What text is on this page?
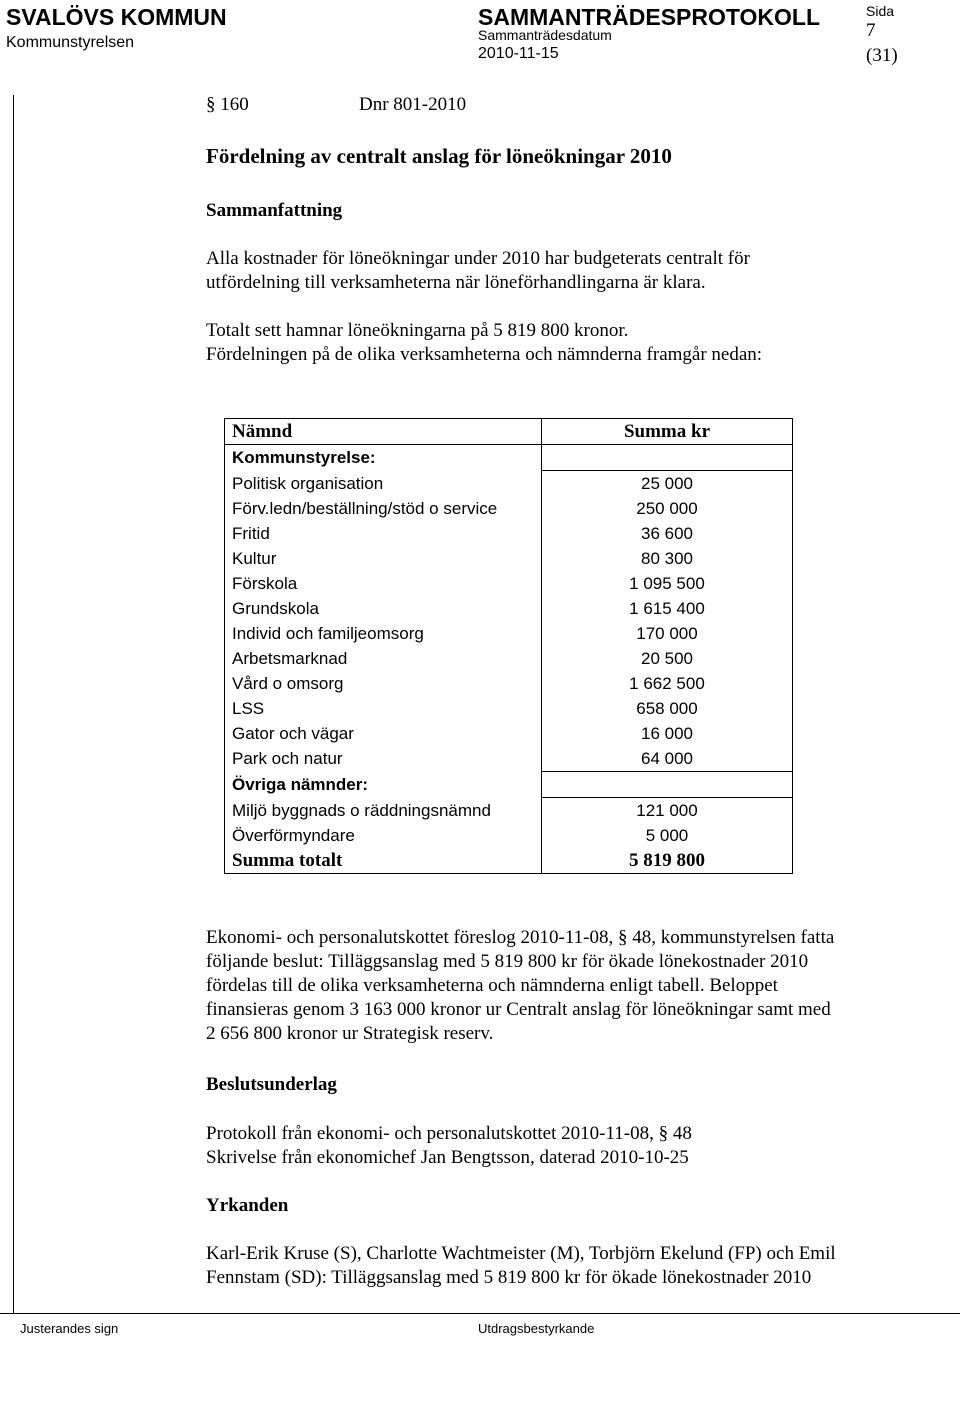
SVALÖVS KOMMUN
Kommunstyrelsen
SAMMANTRÄDESPROTOKOLL
Sammanträdesdatum
2010-11-15
Sida
7
(31)
§ 160	Dnr 801-2010
Fördelning av centralt anslag för löneökningar 2010
Sammanfattning
Alla kostnader för löneökningar under 2010 har budgeterats centralt för
utfördelning till verksamheterna när löneförhandlingarna är klara.
Totalt sett hamnar löneökningarna på 5 819 800 kronor.
Fördelningen på de olika verksamheterna och nämnderna framgår nedan:
Nämnd	Summa kr
Kommunstyrelse:	
Politisk organisation	25 000
Förv.ledn/beställning/stöd o service	250 000
Fritid	36 600
Kultur	80 300
Förskola	1 095 500
Grundskola	1 615 400
Individ och familjeomsorg	170 000
Arbetsmarknad	20 500
Vård o omsorg	1 662 500
LSS	658 000
Gator och vägar	16 000
Park och natur	64 000
Övriga nämnder:	
Miljö byggnads o räddningsnämnd	121 000
Överförmyndare	5 000
Summa totalt	5 819 800
Ekonomi- och personalutskottet föreslog 2010-11-08, § 48, kommunstyrelsen fatta
följande beslut: Tilläggsanslag med 5 819 800 kr för ökade lönekostnader 2010
fördelas till de olika verksamheterna och nämnderna enligt tabell. Beloppet
finansieras genom 3 163 000 kronor ur Centralt anslag för löneökningar samt med
2 656 800 kronor ur Strategisk reserv.
Beslutsunderlag
Protokoll från ekonomi- och personalutskottet 2010-11-08, § 48
Skrivelse från ekonomichef Jan Bengtsson, daterad 2010-10-25
Yrkanden
Karl-Erik Kruse (S), Charlotte Wachtmeister (M), Torbjörn Ekelund (FP) och Emil
Fennstam (SD): Tilläggsanslag med 5 819 800 kr för ökade lönekostnader 2010
Justerandes sign	Utdragsbestyrkande
